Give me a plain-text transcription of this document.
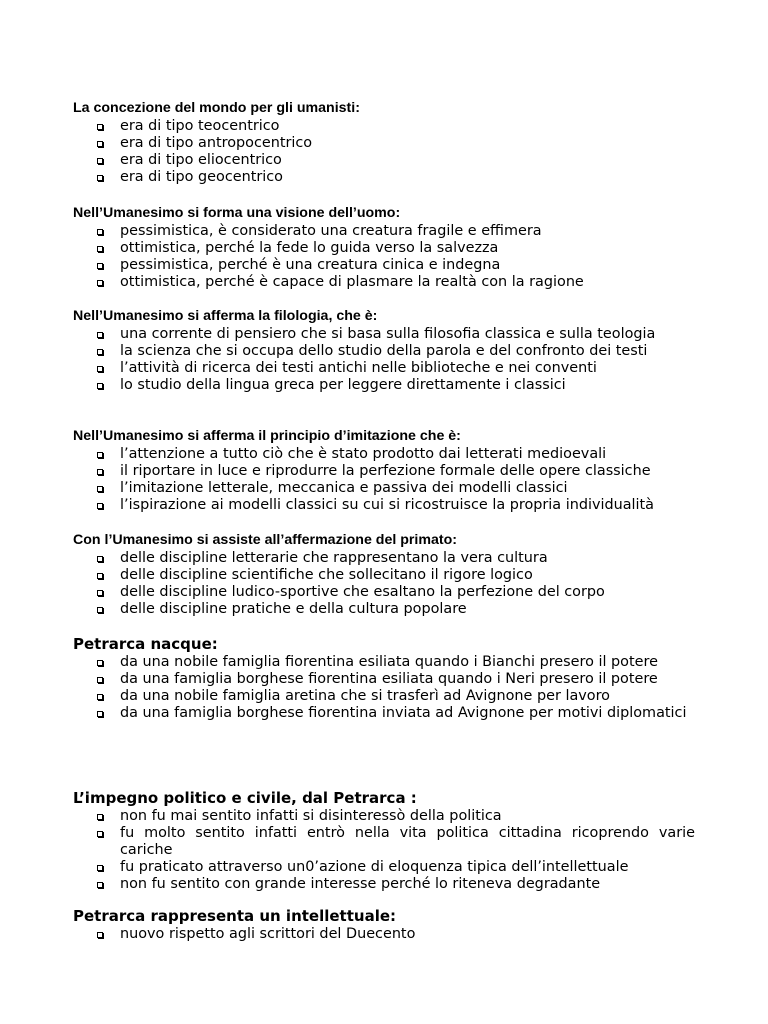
La concezione del mondo per gli umanisti:
era di tipo teocentrico
era di tipo antropocentrico
era di tipo eliocentrico
era di tipo geocentrico
Nell’Umanesimo si forma una visione dell’uomo:
pessimistica, è considerato una creatura fragile e effimera
ottimistica, perché la fede lo guida verso la salvezza
pessimistica, perché è una creatura cinica e indegna
ottimistica, perché è capace di plasmare la realtà con la ragione
Nell’Umanesimo si afferma la filologia, che è:
una corrente di pensiero che si basa sulla filosofia classica e sulla teologia
la scienza che si occupa dello studio della parola e del confronto dei testi
l’attività di ricerca dei testi antichi nelle biblioteche e nei conventi
lo studio della lingua greca per leggere direttamente i classici
Nell’Umanesimo si afferma il principio d’imitazione che è:
l’attenzione a tutto ciò che è stato prodotto dai letterati medioevali
il riportare in luce e riprodurre la perfezione formale delle opere classiche
l’imitazione letterale, meccanica e passiva dei modelli classici
l’ispirazione ai modelli classici su cui si ricostruisce la propria individualità
Con l’Umanesimo si assiste all’affermazione del primato:
delle discipline letterarie che rappresentano la vera cultura
delle discipline scientifiche che sollecitano il rigore logico
delle discipline ludico-sportive che esaltano la perfezione del corpo
delle discipline pratiche e della cultura popolare
Petrarca nacque:
da una nobile famiglia fiorentina esiliata quando i Bianchi presero il potere
da una famiglia borghese fiorentina esiliata quando i Neri presero il potere
da una nobile famiglia aretina che si trasferì ad Avignone per lavoro
da una famiglia borghese fiorentina inviata ad Avignone per motivi diplomatici
L’impegno politico e civile, dal Petrarca :
non fu mai sentito infatti si disinteressò della politica
fu molto sentito infatti entrò nella vita politica cittadina ricoprendo varie cariche
fu praticato attraverso un0’azione di eloquenza tipica dell’intellettuale
non fu sentito con grande interesse perché lo riteneva degradante
Petrarca rappresenta un intellettuale:
nuovo rispetto agli scrittori del Duecento
